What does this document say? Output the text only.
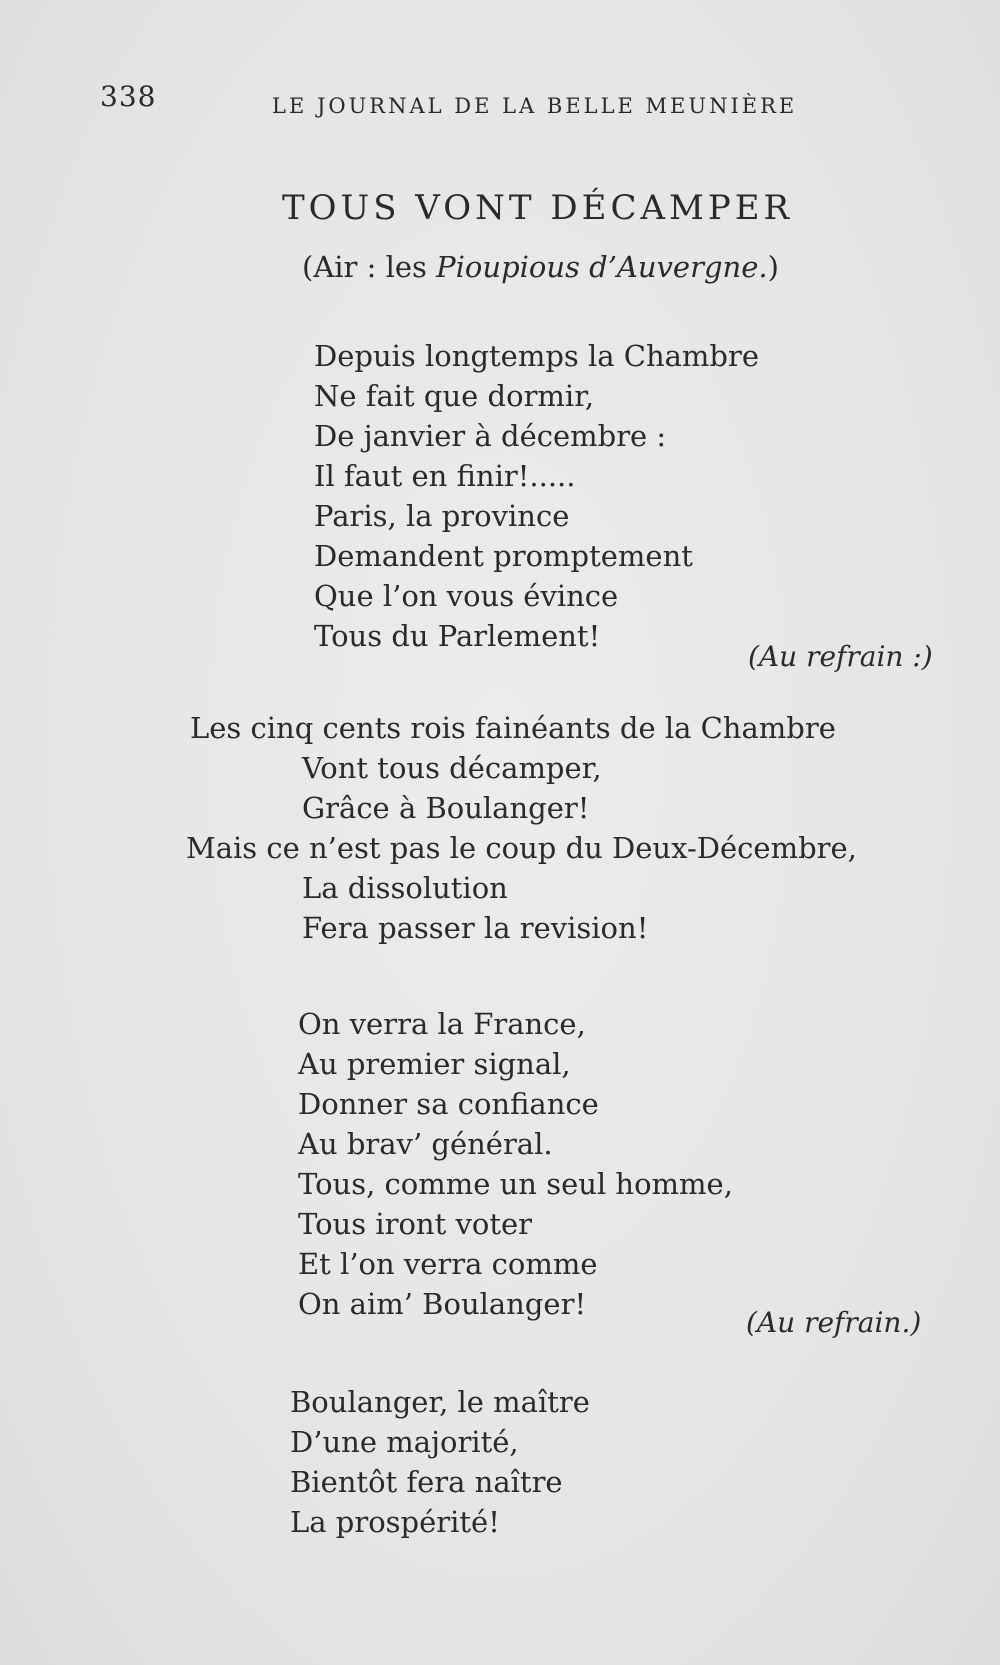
338	LE JOURNAL DE LA BELLE MEUNIÈRE
TOUS VONT DÉCAMPER
(Air : les Pioupious d’Auvergne.)
Depuis longtemps la Chambre
Ne fait que dormir,
De janvier à décembre :
Il faut en finir!.....
Paris, la province
Demandent promptement
Que l’on vous évince
Tous du Parlement!
(Au refrain :)
Les cinq cents rois fainéants de la Chambre
Vont tous décamper,
Grâce à Boulanger!
Mais ce n’est pas le coup du Deux-Décembre,
La dissolution
Fera passer la revision!
On verra la France,
Au premier signal,
Donner sa confiance
Au brav’ général.
Tous, comme un seul homme,
Tous iront voter
Et l’on verra comme
On aim’ Boulanger!
(Au refrain.)
Boulanger, le maître
D’une majorité,
Bientôt fera naître
La prospérité!
